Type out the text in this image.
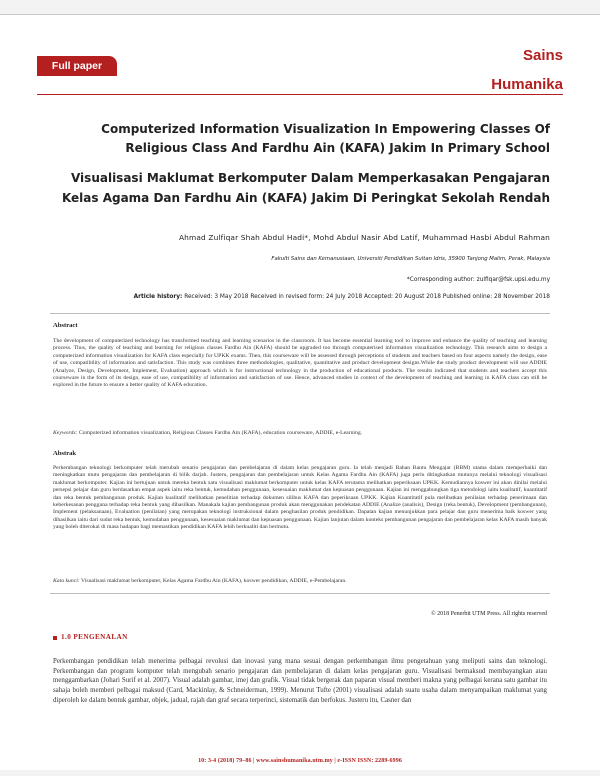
Full paper
Sains
Humanika
Computerized Information Visualization In Empowering Classes Of Religious Class And Fardhu Ain (KAFA) Jakim In Primary School
Visualisasi Maklumat Berkomputer Dalam Memperkasakan Pengajaran Kelas Agama Dan Fardhu Ain (KAFA) Jakim Di Peringkat Sekolah Rendah
Ahmad Zulfiqar Shah Abdul Hadi*, Mohd Abdul Nasir Abd Latif, Muhammad Hasbi Abdul Rahman
Fakulti Sains dan Kemanusiaan, Universiti Pendidikan Sultan Idris, 35900 Tanjong Malim, Perak, Malaysia
*Corresponding author: zulfiqar@fsk.upsi.edu.my
Article history: Received: 3 May 2018 Received in revised form: 24 July 2018 Accepted: 20 August 2018 Published online: 28 November 2018
Abstract

The development of computerized technology has transformed teaching and learning scenarios in the classroom. It has become essential learning tool to improve and enhance the quality of teaching and learning process. Thus, the quality of teaching and learning for religious classes Fardhu Ain (KAFA) should be upgraded too through computerised information visualization technology. This research aims to design a computerized information visualization for KAFA class especially for UPKK exams. Then, this courseware will be assessed through perceptions of students and teachers based on four aspects namely the design, ease of use, compatibility of information and satisfaction. This study was combines three methodologies, qualitative, quantitative and product development designs.While the study product development will use ADDIE (Analyze, Design, Development, Implement, Evaluation) approach which is for instructional technology in the production of educational products. The results indicated that students and teachers accept this courseware in the form of its design, ease of use, compatibility of information and satisfaction of use. Hence, advanced studies in context of the development of teaching and learning in KAFA class can still be explored in the future to ensure a better quality of KAFA education.

Keywords: Computerized information visualization, Religious Classes Fardhu Ain (KAFA), education courseware, ADDIE, e-Learning.

Abstrak

Perkembangan teknologi berkomputer telah merubah senario pengajaran dan pembelajaran di dalam kelas pengajaran guru. Ia telah menjadi Bahan Bantu Mengajar (BBM) utama dalam memperbaiki dan meningkatkan mutu pengajaran dan pembelajaran di bilik darjah. Justeru, pengajaran dan pembelajaran untuk Kelas Agama Fardhu Ain (KAFA) juga perlu ditingkatkan mutunya melalui teknologi visualisasi maklumat berkomputer. Kajian ini bertujuan untuk mereka bentuk satu visualisasi maklumat berkomputer untuk kelas KAFA terutama melibatkan peperiksaan UPKK. Kemudiannya koswer ini akan dinilai melalui persepsi pelajar dan guru berdasarkan empat aspek iaitu reka bentuk, kemudahan penggunaan, kesesuaian maklumat dan kepuasan penggunaan. Kajian ini menggabungkan tiga metodologi iaitu kualitatif, kuantitatif dan reka bentuk pembangunan produk. Kajian kualitatif melibatkan penelitian terhadap dokumen silibus KAFA dan peperiksaan UPKK. Kajian Kuantitatif pula melibatkan penilaian terhadap penerimaan dan keberkesanan pengguna terhadap reka bentuk yang dihasilkan. Manakala kajian pembangunan produk akan menggunakan pendekatan ADDIE (Analize (analisis), Design (reka bentuk), Development (pembangunan), Implement (pelaksanaan), Evaluation (penilaian) yang merupakan teknologi instruksional dalam penghasilan produk pendidikan. Dapatan kajian menunjukkan para pelajar dan guru menerima baik koswer yang dihasilkan iaitu dari sudut reka bentuk, kemudahan penggunaan, kesesuaian maklumat dan kepuasan penggunaan. Kajian lanjutan dalam konteks pembangunan pengajaran dan pembelajaran kelas KAFA masih banyak yang boleh diterokai di masa hadapan bagi memastikan pendidikan KAFA lebih berkualiti dan bermutu.

Kata kunci: Visualisasi maklumat berkomputer, Kelas Agama Fardhu Ain (KAFA), koswer pendidikan, ADDIE, e-Pembelajaran.

© 2018 Penerbit UTM Press. All rights reserved
1.0 PENGENALAN

Perkembangan pendidikan telah menerima pelbagai revolusi dan inovasi yang mana sesuai dengan perkembangan ilmu pengetahuan yang meliputi sains dan teknologi. Perkembangan dan program komputer telah mengubah senario pengajaran dan pembelajaran di dalam kelas pengajaran guru. Visualisasi bermaksud membayangkan atau menggambarkan (Johari Surif et al. 2007). Visual adalah gambar, imej dan grafik. Visual tidak bergerak dan paparan visual memberi makna yang pelbagai kerana satu gambar itu sahaja boleh memberi pelbagai maksud (Card, Mackinlay, & Schneiderman, 1999). Menurut Tufte (2001) visualisasi adalah suatu usaha dalam menyampaikan maklumat yang diperoleh ke dalam bentuk gambar, objek, jadual, rajah dan graf secara terperinci, sistematik dan berfokus. Justeru itu, Casner dan

10: 3-4 (2018) 79–86 | www.sainshumanika.utm.my | e-ISSN ISSN: 2289-6996
